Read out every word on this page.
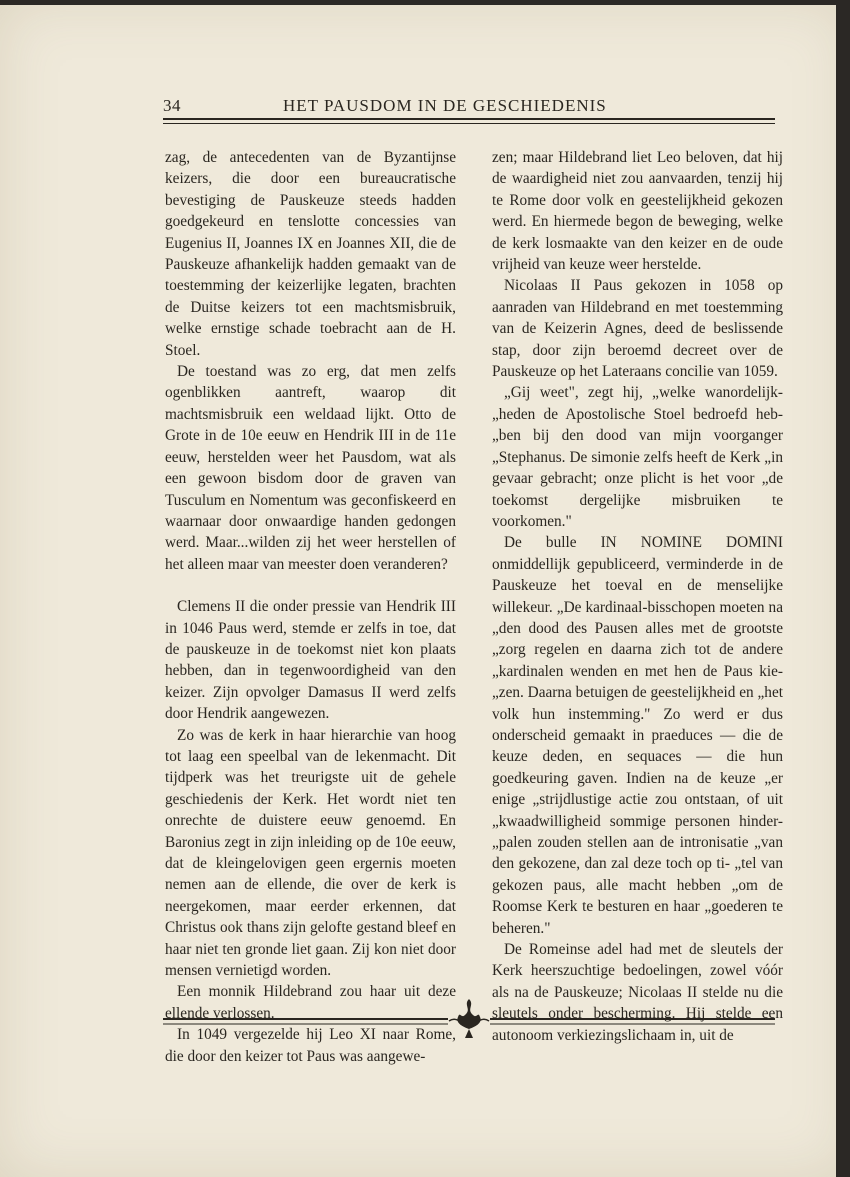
34	HET PAUSDOM IN DE GESCHIEDENIS

zag, de antecedenten van de Byzantijnse keizers, die door een bureaucratische bevestiging de Pauskeuze steeds hadden goedgekeurd en tenslotte concessies van Eugenius II, Joannes IX en Joannes XII, die de Pauskeuze afhankelijk hadden gemaakt van de toestemming der keizerlijke legaten, brachten de Duitse keizers tot een machtsmisbruik, welke ernstige schade toebracht aan de H. Stoel.

De toestand was zo erg, dat men zelfs ogenblikken aantreft, waarop dit machtsmisbruik een weldaad lijkt. Otto de Grote in de 10e eeuw en Hendrik III in de 11e eeuw, herstelden weer het Pausdom, wat als een gewoon bisdom door de graven van Tusculum en Nomentum was geconfiskeerd en waarnaar door onwaardige handen gedongen werd. Maar...wilden zij het weer herstellen of het alleen maar van meester doen veranderen?

Clemens II die onder pressie van Hendrik III in 1046 Paus werd, stemde er zelfs in toe, dat de pauskeuze in de toekomst niet kon plaats hebben, dan in tegenwoordigheid van den keizer. Zijn opvolger Damasus II werd zelfs door Hendrik aangewezen.

Zo was de kerk in haar hierarchie van hoog tot laag een speelbal van de lekenmacht. Dit tijdperk was het treurigste uit de gehele geschiedenis der Kerk. Het wordt niet ten onrechte de duistere eeuw genoemd. En Baronius zegt in zijn inleiding op de 10e eeuw, dat de kleingelovigen geen ergernis moeten nemen aan de ellende, die over de kerk is neergekomen, maar eerder erkennen, dat Christus ook thans zijn gelofte gestand bleef en haar niet ten gronde liet gaan. Zij kon niet door mensen vernietigd worden.

Een monnik Hildebrand zou haar uit deze ellende verlossen.

In 1049 vergezelde hij Leo XI naar Rome, die door den keizer tot Paus was aangewe-

zen; maar Hildebrand liet Leo beloven, dat hij de waardigheid niet zou aanvaarden, tenzij hij te Rome door volk en geestelijkheid gekozen werd. En hiermede begon de beweging, welke de kerk losmaakte van den keizer en de oude vrijheid van keuze weer herstelde.

Nicolaas II Paus gekozen in 1058 op aanraden van Hildebrand en met toestemming van de Keizerin Agnes, deed de beslissende stap, door zijn beroemd decreet over de Pauskeuze op het Lateraans concilie van 1059.

„Gij weet", zegt hij, „welke wanordelijk- „heden de Apostolische Stoel bedroefd heb- „ben bij den dood van mijn voorganger „Stephanus. De simonie zelfs heeft de Kerk „in gevaar gebracht; onze plicht is het voor „de toekomst dergelijke misbruiken te voorkomen."

De bulle IN NOMINE DOMINI onmiddellijk gepubliceerd, verminderde in de Pauskeuze het toeval en de menselijke willekeur. „De kardinaal-bisschopen moeten na „den dood des Pausen alles met de grootste „zorg regelen en daarna zich tot de andere „kardinalen wenden en met hen de Paus kie- „zen. Daarna betuigen de geestelijkheid en „het volk hun instemming." Zo werd er dus onderscheid gemaakt in praeduces — die de keuze deden, en sequaces — die hun goedkeuring gaven. Indien na de keuze „er enige „strijdlustige actie zou ontstaan, of uit „kwaadwilligheid sommige personen hinder- „palen zouden stellen aan de intronisatie „van den gekozene, dan zal deze toch op ti- „tel van gekozen paus, alle macht hebben „om de Roomse Kerk te besturen en haar „goederen te beheren."

De Romeinse adel had met de sleutels der Kerk heerszuchtige bedoelingen, zowel vóór als na de Pauskeuze; Nicolaas II stelde nu die sleutels onder bescherming. Hij stelde een autonoom verkiezingslichaam in, uit de
